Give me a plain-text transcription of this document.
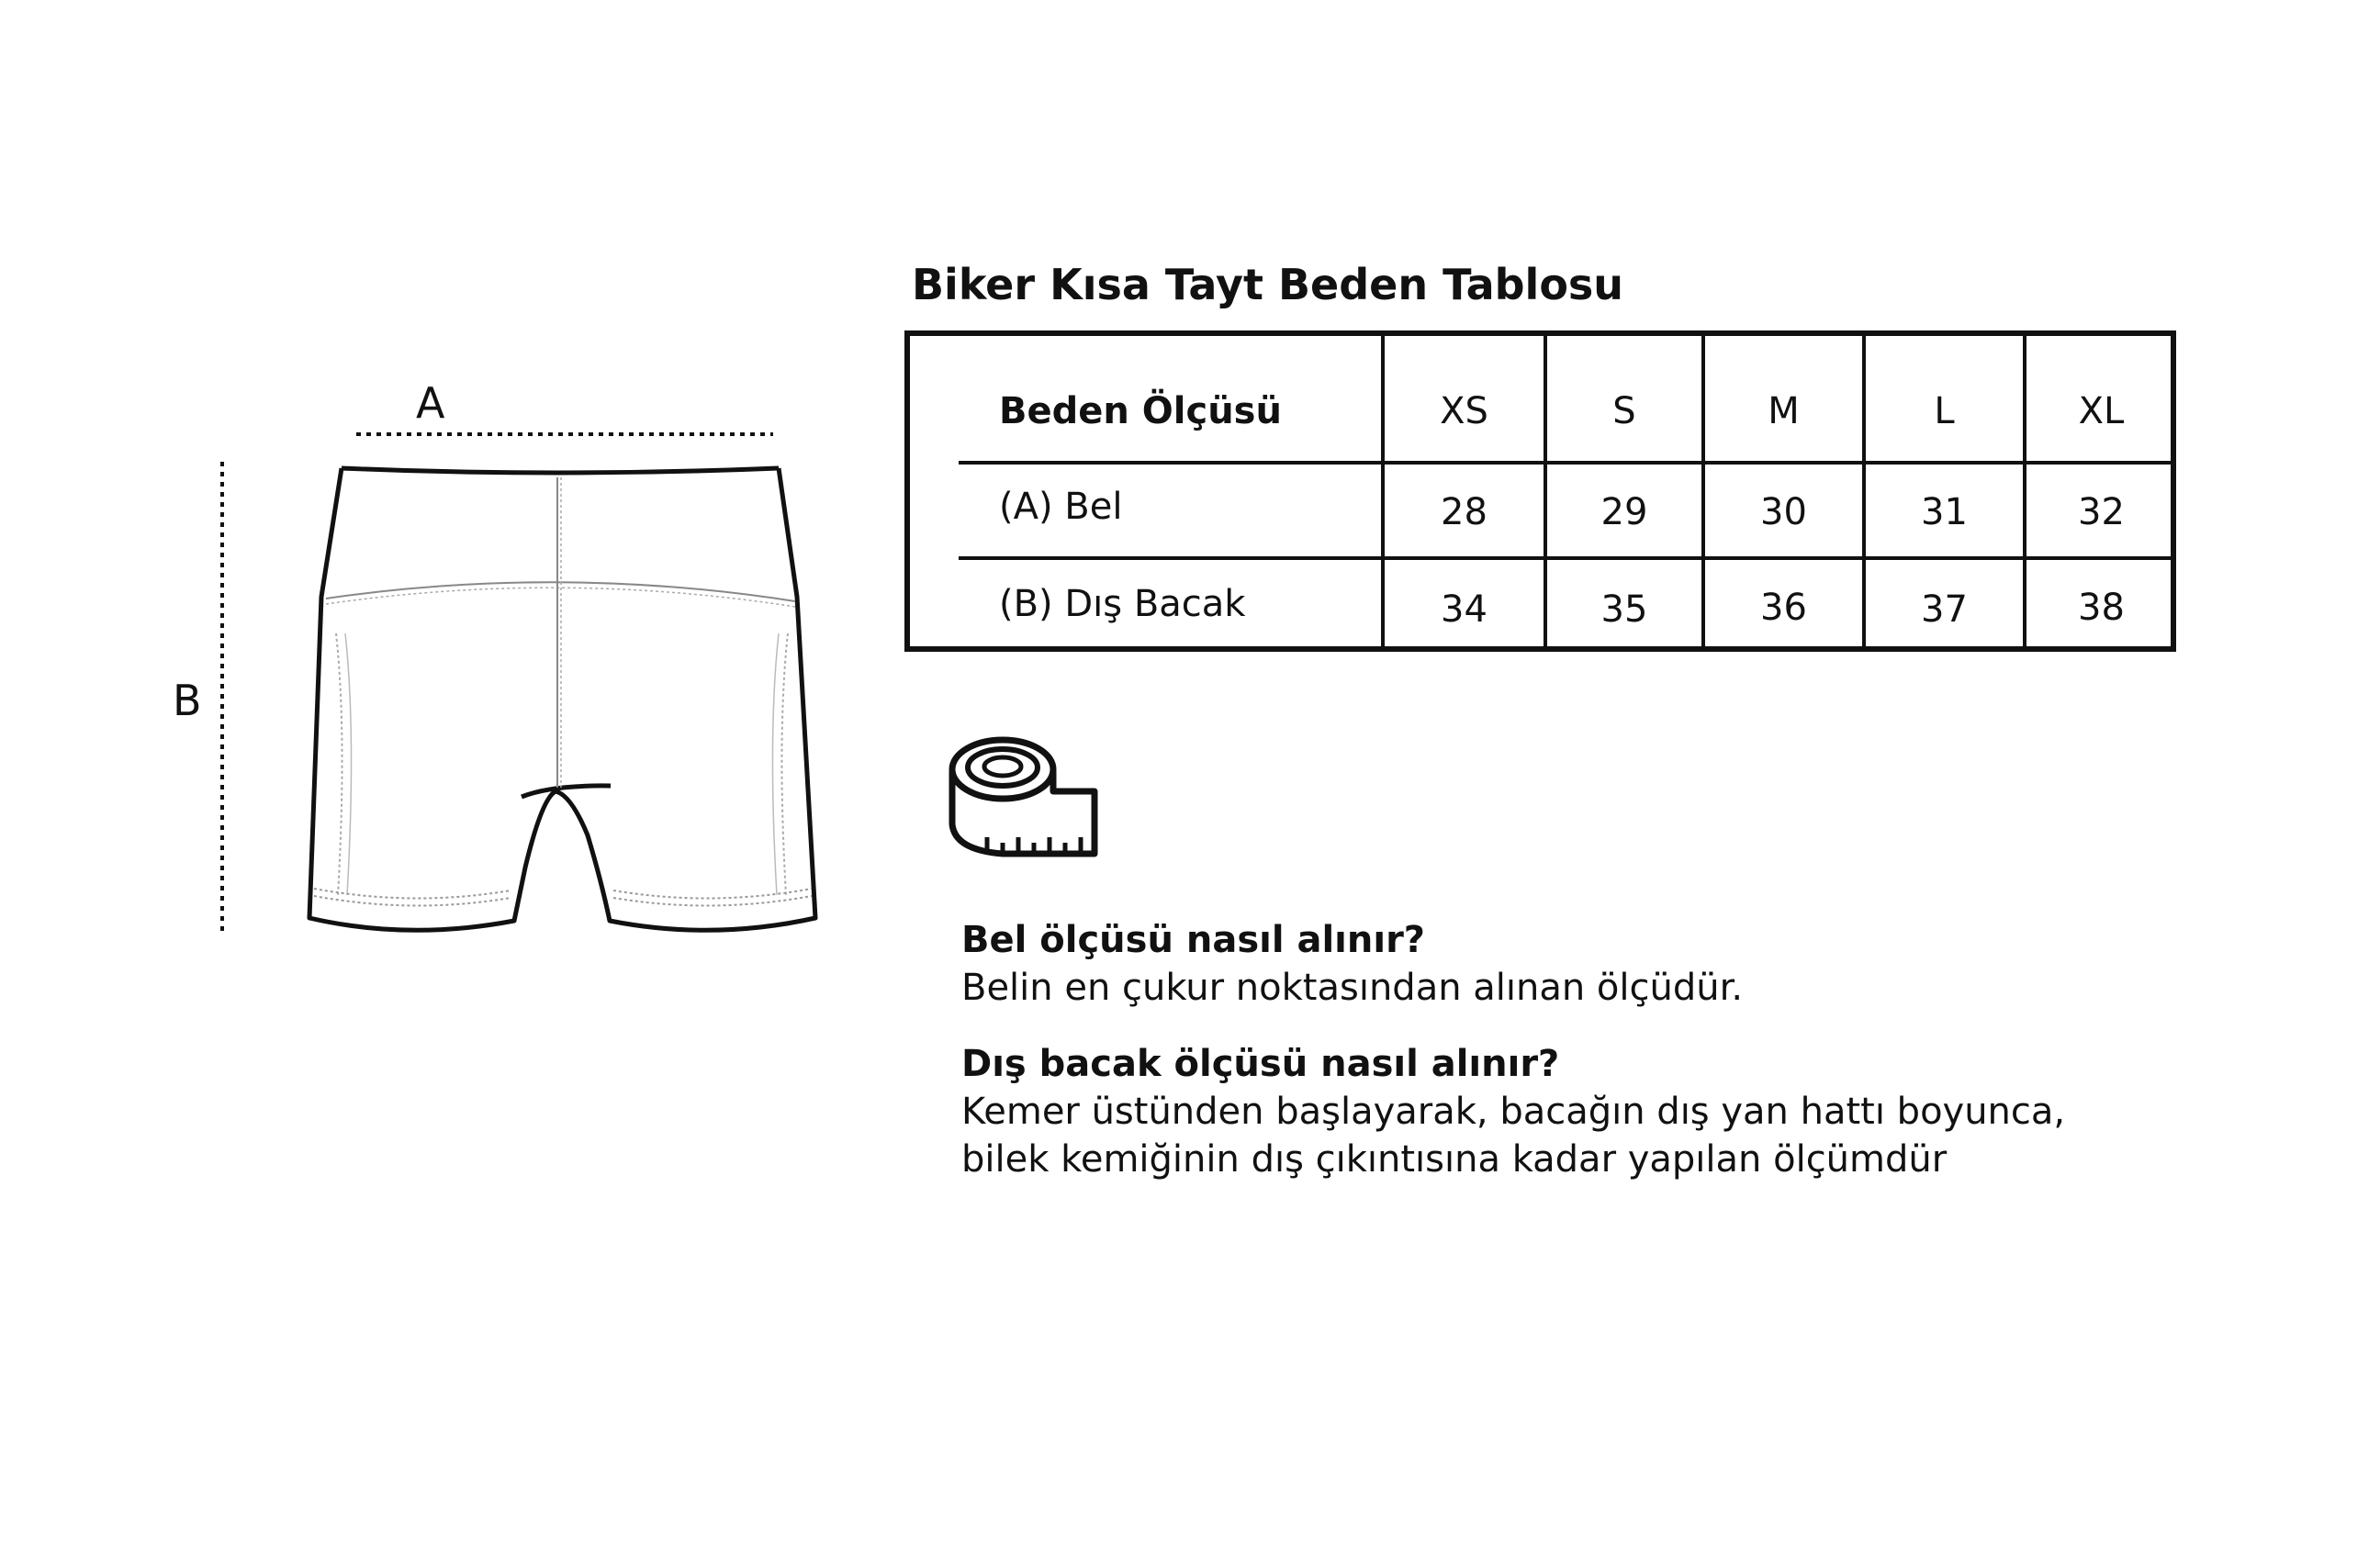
A
B
Biker Kısa Tayt Beden Tablosu
Beden Ölçüsü	XS	S	M	L	XL
(A) Bel	28	29	30	31	32
(B) Dış Bacak	34	35	36	37	38
Bel ölçüsü nasıl alınır?
Belin en çukur noktasından alınan ölçüdür.
Dış bacak ölçüsü nasıl alınır?
Kemer üstünden başlayarak, bacağın dış yan hattı boyunca,
bilek kemiğinin dış çıkıntısına kadar yapılan ölçümdür
